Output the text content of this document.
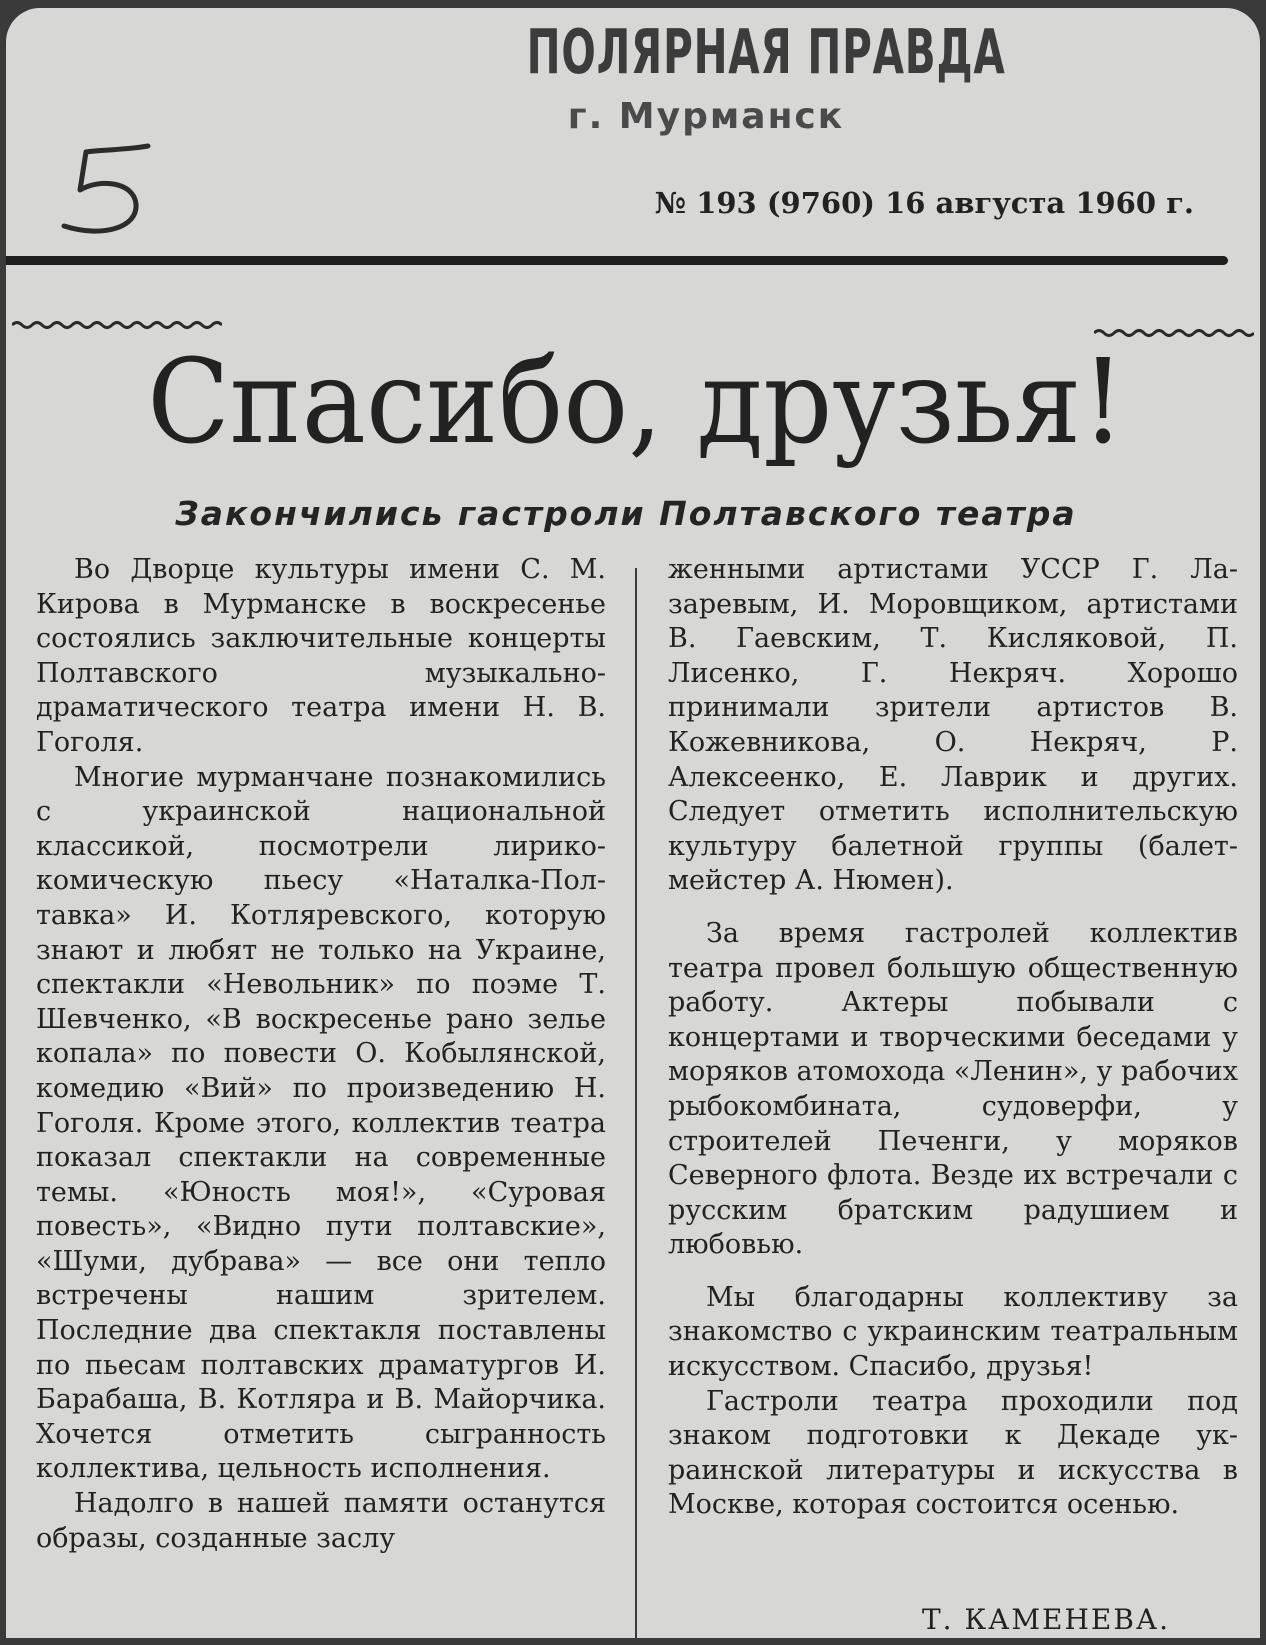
ПОЛЯРНАЯ ПРАВДА
г. Мурманск
№ 193 (9760) 16 августа 1960 г.
Спасибо, друзья!
Закончились гастроли Полтавского театра

Во Дворце культуры имени С. М. Кирова в Мурманске в воскресенье состоялись заключительные концерты Полтавского музыкально-драматического театра имени Н. В. Гоголя.

Многие мурманчане познакомились с украинской национальной классикой, посмотрели лирико-комическую пьесу «Наталка-Полтавка» И. Котляревского, которую знают и любят не только на Украине, спектакли «Невольник» по поэме Т. Шевченко, «В воскресенье рано зелье копала» по повести О. Кобылянской, комедию «Вий» по произведению Н. Гоголя. Кроме этого, коллектив театра показал спектакли на современные темы. «Юность моя!», «Суровая повесть», «Видно пути полтавские», «Шуми, дубрава» — все они тепло встречены нашим зрителем. Последние два спектакля поставлены по пьесам полтавских драматургов И. Барабаша, В. Котляра и В. Майорчика. Хочется отметить сыгранность коллектива, цельность исполнения.

Надолго в нашей памяти останутся образы, созданные заслу

женными артистами УССР Г. Лазаревым, И. Моровщиком, артистами В. Гаевским, Т. Кисляковой, П. Лисенко, Г. Некряч. Хорошо принимали зрители артистов В. Кожевникова, О. Некряч, Р. Алексеенко, Е. Лаврик и других. Следует отметить исполнительскую культуру балетной группы (балетмейстер А. Нюмен).

За время гастролей коллектив театра провел большую общественную работу. Актеры побывали с концертами и творческими беседами у моряков атомохода «Ленин», у рабочих рыбокомбината, судоверфи, у строителей Печенги, у моряков Северного флота. Везде их встречали с русским братским радушием и любовью.

Мы благодарны коллективу за знакомство с украинским театральным искусством. Спасибо, друзья!

Гастроли театра проходили под знаком подготовки к Декаде украинской литературы и искусства в Москве, которая состоится осенью.

Т. КАМЕНЕВА.
